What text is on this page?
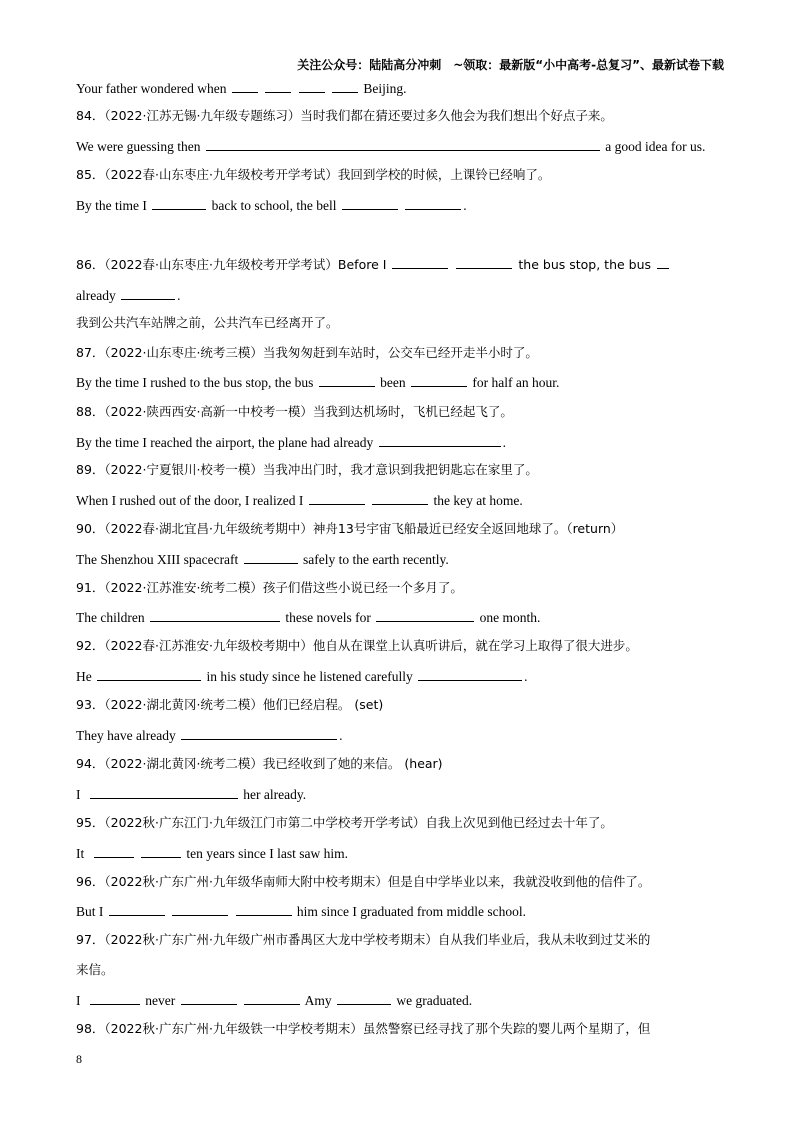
关注公众号：陆陆高分冲刺　~领取：最新版“小中高考-总复习”、最新试卷下载
Your father wondered when	Beijing.
84．（2022·江苏无锡·九年级专题练习）当时我们都在猜还要过多久他会为我们想出个好点子来。
We were guessing then	a good idea for us.
85．（2022春·山东枣庄·九年级校考开学考试）我回到学校的时候，上课铃已经响了。
By the time I	back to school, the bell	.
86．（2022春·山东枣庄·九年级校考开学考试）Before I	the bus stop, the bus
already	.
我到公共汽车站牌之前，公共汽车已经离开了。
87．（2022·山东枣庄·统考三模）当我匆匆赶到车站时，公交车已经开走半小时了。
By the time I rushed to the bus stop, the bus	been	for half an hour.
88．（2022·陕西西安·高新一中校考一模）当我到达机场时，飞机已经起飞了。
By the time I reached the airport, the plane had already	.
89．（2022·宁夏银川·校考一模）当我冲出门时，我才意识到我把钥匙忘在家里了。
When I rushed out of the door, I realized I	the key at home.
90．（2022春·湖北宜昌·九年级统考期中）神舟13号宇宙飞船最近已经安全返回地球了。（return）
The Shenzhou XIII spacecraft	safely to the earth recently.
91．（2022·江苏淮安·统考二模）孩子们借这些小说已经一个多月了。
The children	these novels for	one month.
92．（2022春·江苏淮安·九年级校考期中）他自从在课堂上认真听讲后，就在学习上取得了很大进步。
He	in his study since he listened carefully	.
93．（2022·湖北黄冈·统考二模）他们已经启程。 (set)
They have already	.
94．（2022·湖北黄冈·统考二模）我已经收到了她的来信。 (hear)
I	her already.
95．（2022秋·广东江门·九年级江门市第二中学校考开学考试）自我上次见到他已经过去十年了。
It	ten years since I last saw him.
96．（2022秋·广东广州·九年级华南师大附中校考期末）但是自中学毕业以来，我就没收到他的信件了。
But I	him since I graduated from middle school.
97．（2022秋·广东广州·九年级广州市番禺区大龙中学校考期末）自从我们毕业后，我从未收到过艾米的
来信。
I	never	Amy	we graduated.
98．（2022秋·广东广州·九年级铁一中学校考期末）虽然警察已经寻找了那个失踪的婴儿两个星期了，但
8
